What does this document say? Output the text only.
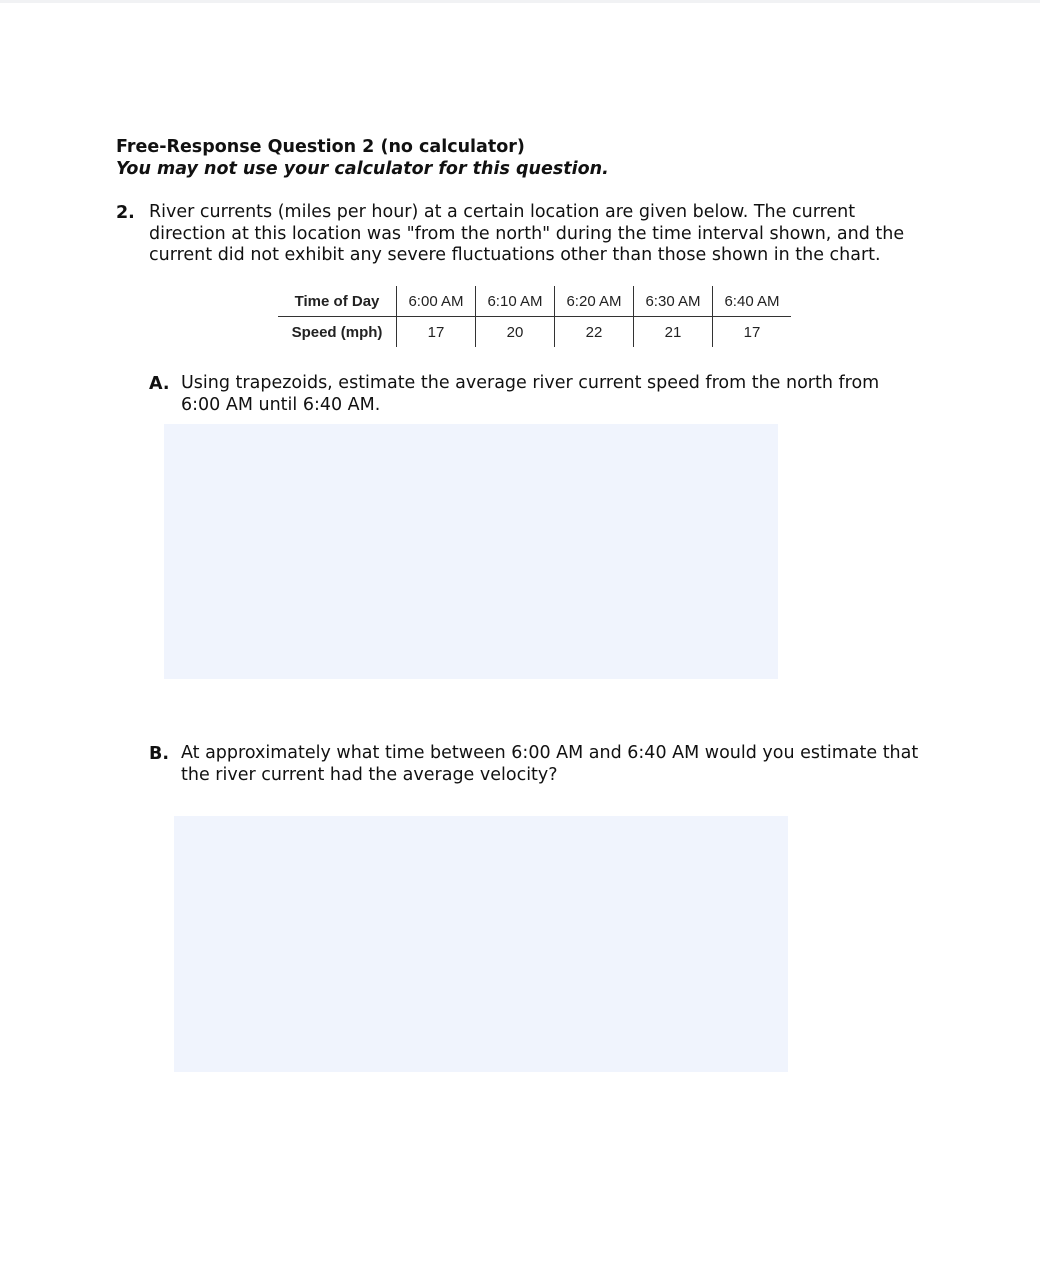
Free-Response Question 2 (no calculator)
You may not use your calculator for this question.
2. River currents (miles per hour) at a certain location are given below. The current
direction at this location was "from the north" during the time interval shown, and the
current did not exhibit any severe fluctuations other than those shown in the chart.
Time of Day	6:00 AM	6:10 AM	6:20 AM	6:30 AM	6:40 AM
Speed (mph)	17	20	22	21	17
A. Using trapezoids, estimate the average river current speed from the north from
6:00 AM until 6:40 AM.
B. At approximately what time between 6:00 AM and 6:40 AM would you estimate that
the river current had the average velocity?
